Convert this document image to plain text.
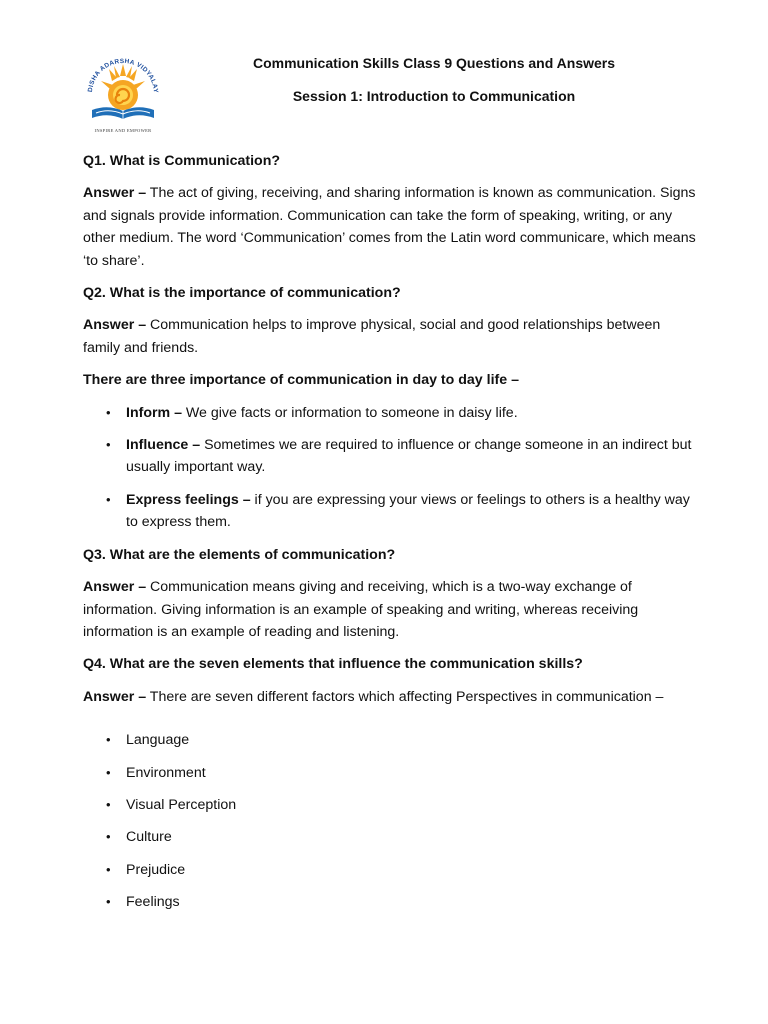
DISHA ADARSHA VIDYALAY
INSPIRE AND EMPOWER
Communication Skills Class 9 Questions and Answers
Session 1: Introduction to Communication

Q1. What is Communication?

Answer – The act of giving, receiving, and sharing information is known as communication. Signs and signals provide information. Communication can take the form of speaking, writing, or any other medium. The word ‘Communication’ comes from the Latin word communicare, which means ‘to share’.

Q2. What is the importance of communication?

Answer – Communication helps to improve physical, social and good relationships between family and friends.

There are three importance of communication in day to day life –

• Inform – We give facts or information to someone in daisy life.
• Influence – Sometimes we are required to influence or change someone in an indirect but usually important way.
• Express feelings – if you are expressing your views or feelings to others is a healthy way to express them.

Q3. What are the elements of communication?

Answer – Communication means giving and receiving, which is a two-way exchange of information. Giving information is an example of speaking and writing, whereas receiving information is an example of reading and listening.

Q4. What are the seven elements that influence the communication skills?

Answer – There are seven different factors which affecting Perspectives in communication –

• Language
• Environment
• Visual Perception
• Culture
• Prejudice
• Feelings
